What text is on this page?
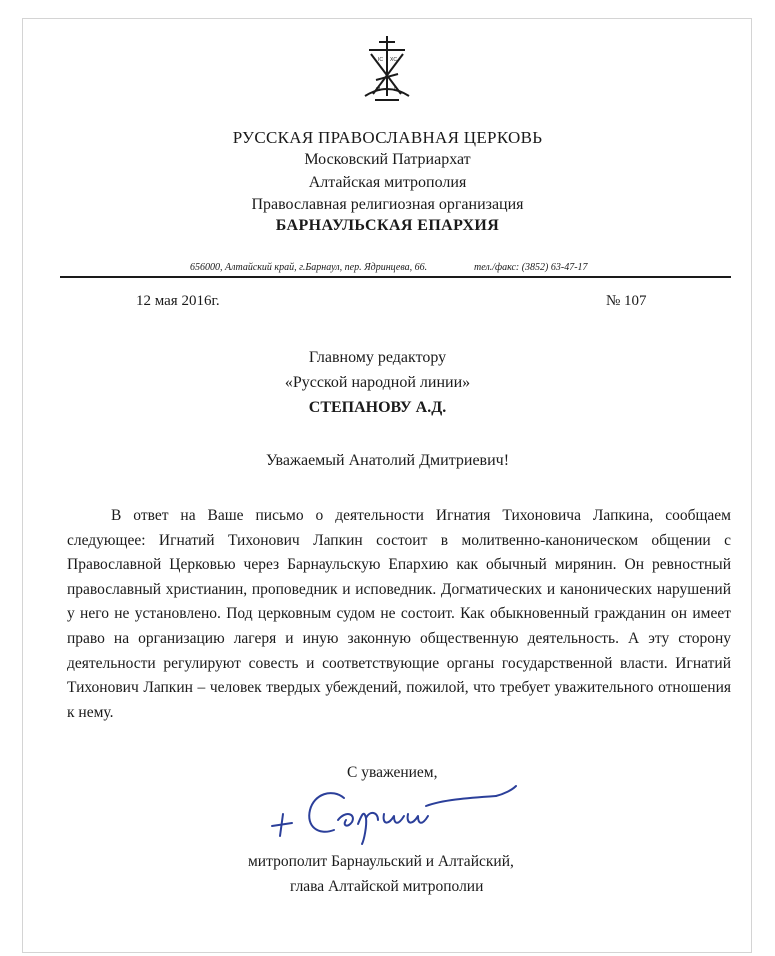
IC XC
M	Г
РУССКАЯ ПРАВОСЛАВНАЯ ЦЕРКОВЬ
Московский Патриархат
Алтайская митрополия
Православная религиозная организация
БАРНАУЛЬСКАЯ ЕПАРХИЯ
656000, Алтайский край, г.Барнаул, пер. Ядринцева, 66.	тел./факс: (3852) 63-47-17
12 мая 2016г.	№ 107
Главному редактору
«Русской народной линии»
СТЕПАНОВУ А.Д.
Уважаемый Анатолий Дмитриевич!

В ответ на Ваше письмо о деятельности Игнатия Тихоновича Лапкина, сообщаем следующее: Игнатий Тихонович Лапкин состоит в молитвенно-каноническом общении с Православной Церковью через Барнаульскую Епархию как обычный мирянин. Он ревностный православный христианин, проповедник и исповедник. Догматических и канонических нарушений у него не установлено. Под церковным судом не состоит. Как обыкновенный гражданин он имеет право на организацию лагеря и иную законную общественную деятельность. А эту сторону деятельности регулируют совесть и соответствующие органы государственной власти. Игнатий Тихонович Лапкин – человек твердых убеждений, пожилой, что требует уважительного отношения к нему.

С уважением,
митрополит Барнаульский и Алтайский,
глава Алтайской митрополии
